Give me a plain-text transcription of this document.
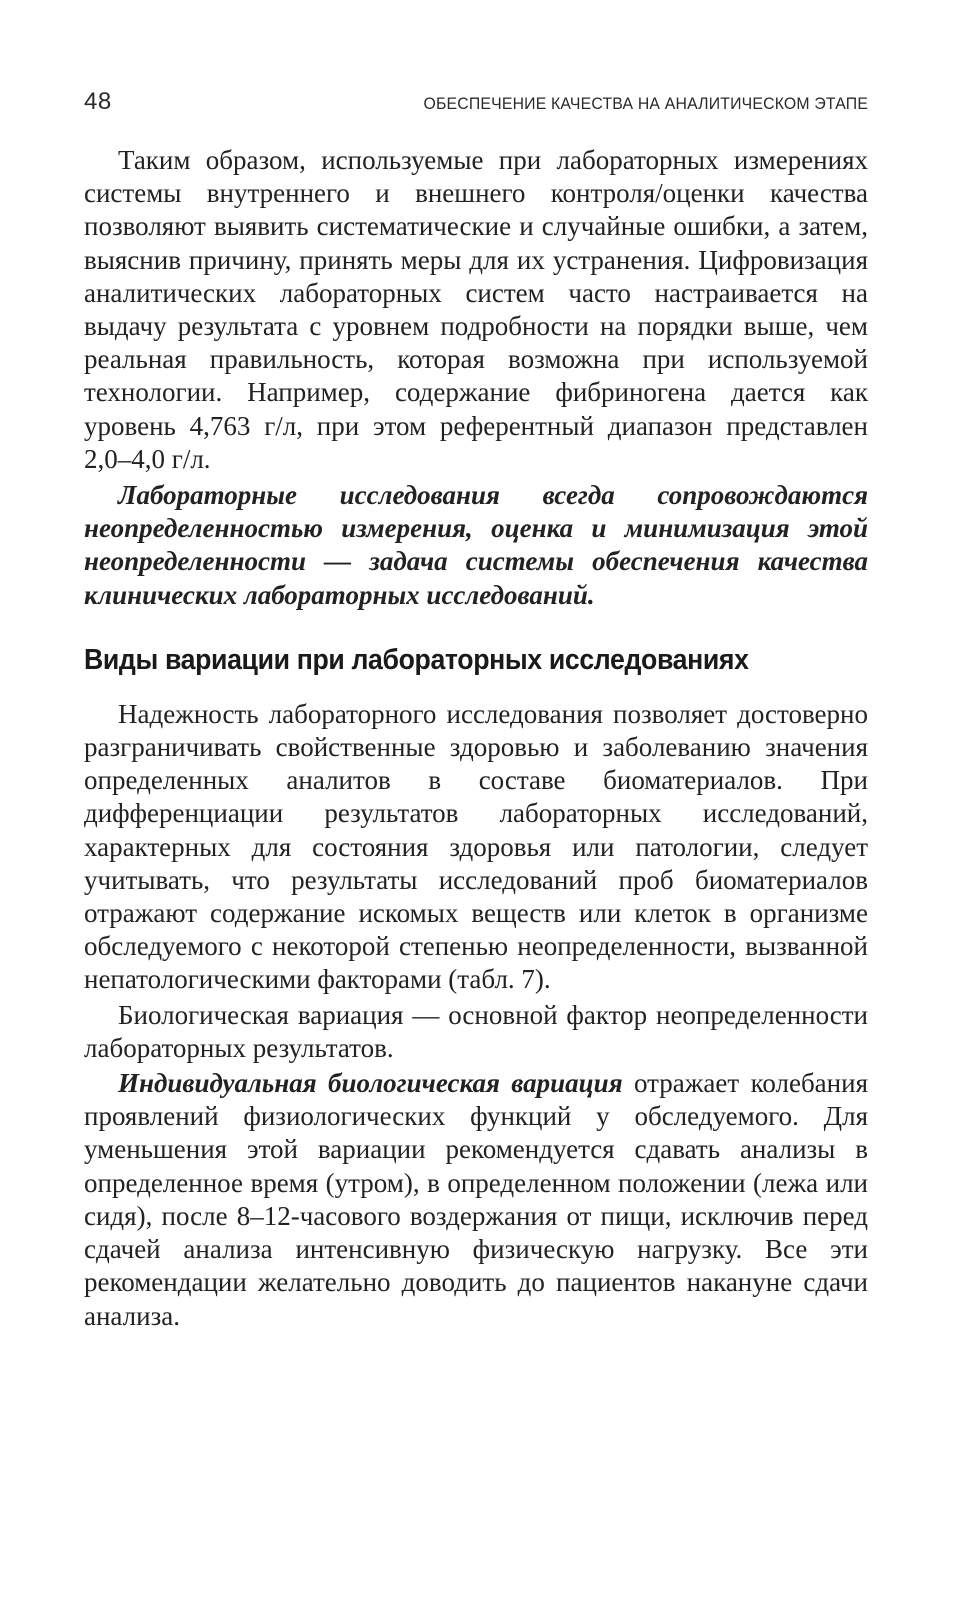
48	ОБЕСПЕЧЕНИЕ КАЧЕСТВА НА АНАЛИТИЧЕСКОМ ЭТАПЕ

Таким образом, используемые при лабораторных измерениях системы внутреннего и внешнего контроля/оценки качества позволяют выявить систематические и случайные ошибки, а затем, выяснив причину, принять меры для их устранения. Цифровизация аналитических лабораторных систем часто настраивается на выдачу результата с уровнем подробности на порядки выше, чем реальная правильность, которая возможна при используемой технологии. Например, содержание фибриногена дается как уровень 4,763 г/л, при этом референтный диапазон представлен 2,0–4,0 г/л.

Лабораторные исследования всегда сопровождаются неопределенностью измерения, оценка и минимизация этой неопределенности — задача системы обеспечения качества клинических лабораторных исследований.

Виды вариации при лабораторных исследованиях

Надежность лабораторного исследования позволяет достоверно разграничивать свойственные здоровью и заболеванию значения определенных аналитов в составе биоматериалов. При дифференциации результатов лабораторных исследований, характерных для состояния здоровья или патологии, следует учитывать, что результаты исследований проб биоматериалов отражают содержание искомых веществ или клеток в организме обследуемого с некоторой степенью неопределенности, вызванной непатологическими факторами (табл. 7).

Биологическая вариация — основной фактор неопределенности лабораторных результатов.

Индивидуальная биологическая вариация отражает колебания проявлений физиологических функций у обследуемого. Для уменьшения этой вариации рекомендуется сдавать анализы в определенное время (утром), в определенном положении (лежа или сидя), после 8–12-часового воздержания от пищи, исключив перед сдачей анализа интенсивную физическую нагрузку. Все эти рекомендации желательно доводить до пациентов накануне сдачи анализа.
